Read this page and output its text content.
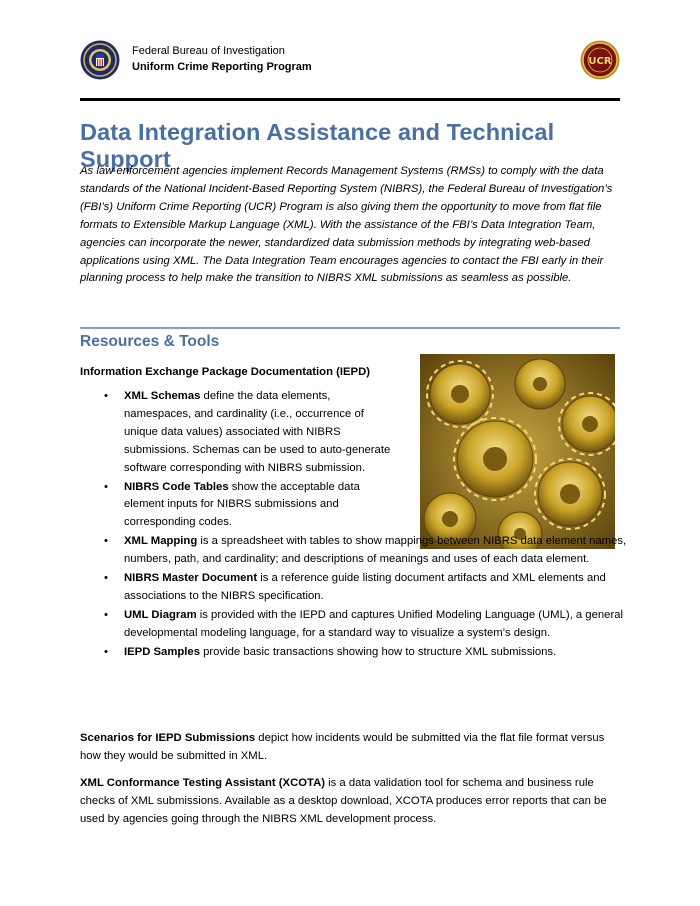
Federal Bureau of Investigation
Uniform Crime Reporting Program	UCR
Data Integration Assistance and Technical Support

As law enforcement agencies implement Records Management Systems (RMSs) to comply with the data standards of the National Incident-Based Reporting System (NIBRS), the Federal Bureau of Investigation’s (FBI’s) Uniform Crime Reporting (UCR) Program is also giving them the opportunity to move from flat file formats to Extensible Markup Language (XML). With the assistance of the FBI’s Data Integration Team, agencies can incorporate the newer, standardized data submission methods by integrating web-based applications using XML. The Data Integration Team encourages agencies to contact the FBI early in their planning process to help make the transition to NIBRS XML submissions as seamless as possible.

Resources & Tools
Information Exchange Package Documentation (IEPD)
• XML Schemas define the data elements, namespaces, and cardinality (i.e., occurrence of unique data values) associated with NIBRS submissions. Schemas can be used to auto-generate software corresponding with NIBRS submission.
• NIBRS Code Tables show the acceptable data element inputs for NIBRS submissions and corresponding codes.
• XML Mapping is a spreadsheet with tables to show mappings between NIBRS data element names, numbers, path, and cardinality; and descriptions of meanings and uses of each data element.
• NIBRS Master Document is a reference guide listing document artifacts and XML elements and associations to the NIBRS specification.
• UML Diagram is provided with the IEPD and captures Unified Modeling Language (UML), a general developmental modeling language, for a standard way to visualize a system’s design.
• IEPD Samples provide basic transactions showing how to structure XML submissions.

Scenarios for IEPD Submissions depict how incidents would be submitted via the flat file format versus how they would be submitted in XML.

XML Conformance Testing Assistant (XCOTA) is a data validation tool for schema and business rule checks of XML submissions. Available as a desktop download, XCOTA produces error reports that can be used by agencies going through the NIBRS XML development process.
